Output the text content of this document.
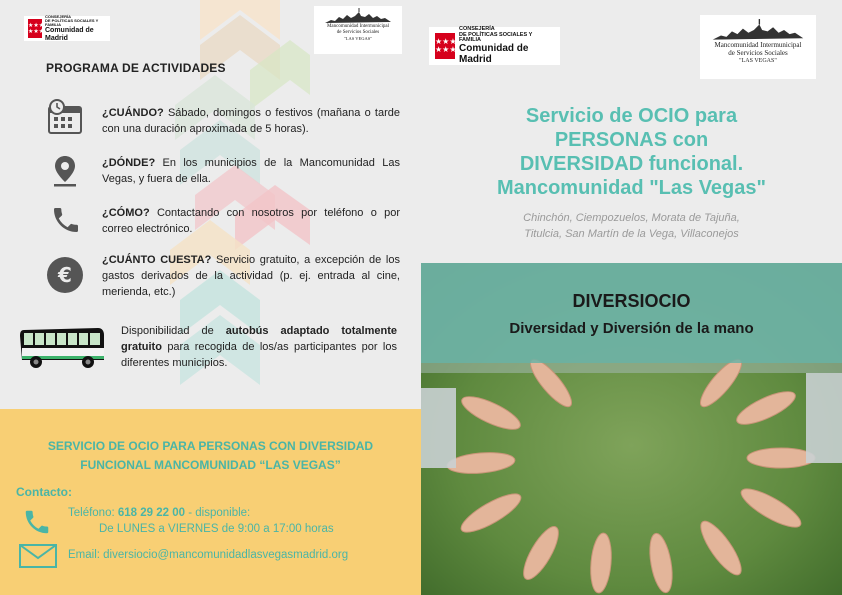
★ ★ ★
★ ★ ★
CONSEJERÍA
DE POLÍTICAS SOCIALES Y FAMILIA
Comunidad de Madrid
Mancomunidad Intermunicipal
de Servicios Sociales
"LAS VEGAS"
PROGRAMA DE ACTIVIDADES
¿CUÁNDO? Sábado, domingos o festivos (mañana o tarde con una duración aproximada de 5 horas).
¿DÓNDE? En los municipios de la Mancomunidad Las Vegas, y fuera de ella.
¿CÓMO? Contactando con nosotros por teléfono o por correo electrónico.
€
¿CUÁNTO CUESTA? Servicio gratuito, a excepción de los gastos derivados de la actividad (p. ej. entrada al cine, merienda, etc.)
Disponibilidad de autobús adaptado totalmente gratuito para recogida de los/as participantes por los diferentes municipios.
SERVICIO DE OCIO PARA PERSONAS CON DIVERSIDAD
FUNCIONAL MANCOMUNIDAD “LAS VEGAS”
Contacto:
Teléfono: 618 29 22 00 - disponible:
De LUNES a VIERNES de 9:00 a 17:00 horas
Email: diversiocio@mancomunidadlasvegasmadrid.org
★ ★ ★
★ ★ ★
CONSEJERÍA
DE POLÍTICAS SOCIALES Y FAMILIA
Comunidad de Madrid
Mancomunidad Intermunicipal
de Servicios Sociales
"LAS VEGAS"
Servicio de OCIO para
PERSONAS con
DIVERSIDAD funcional.
Mancomunidad "Las Vegas"
Chinchón, Ciempozuelos, Morata de Tajuña,
Titulcia, San Martín de la Vega, Villaconejos
DIVERSIOCIO
Diversidad y Diversión de la mano
